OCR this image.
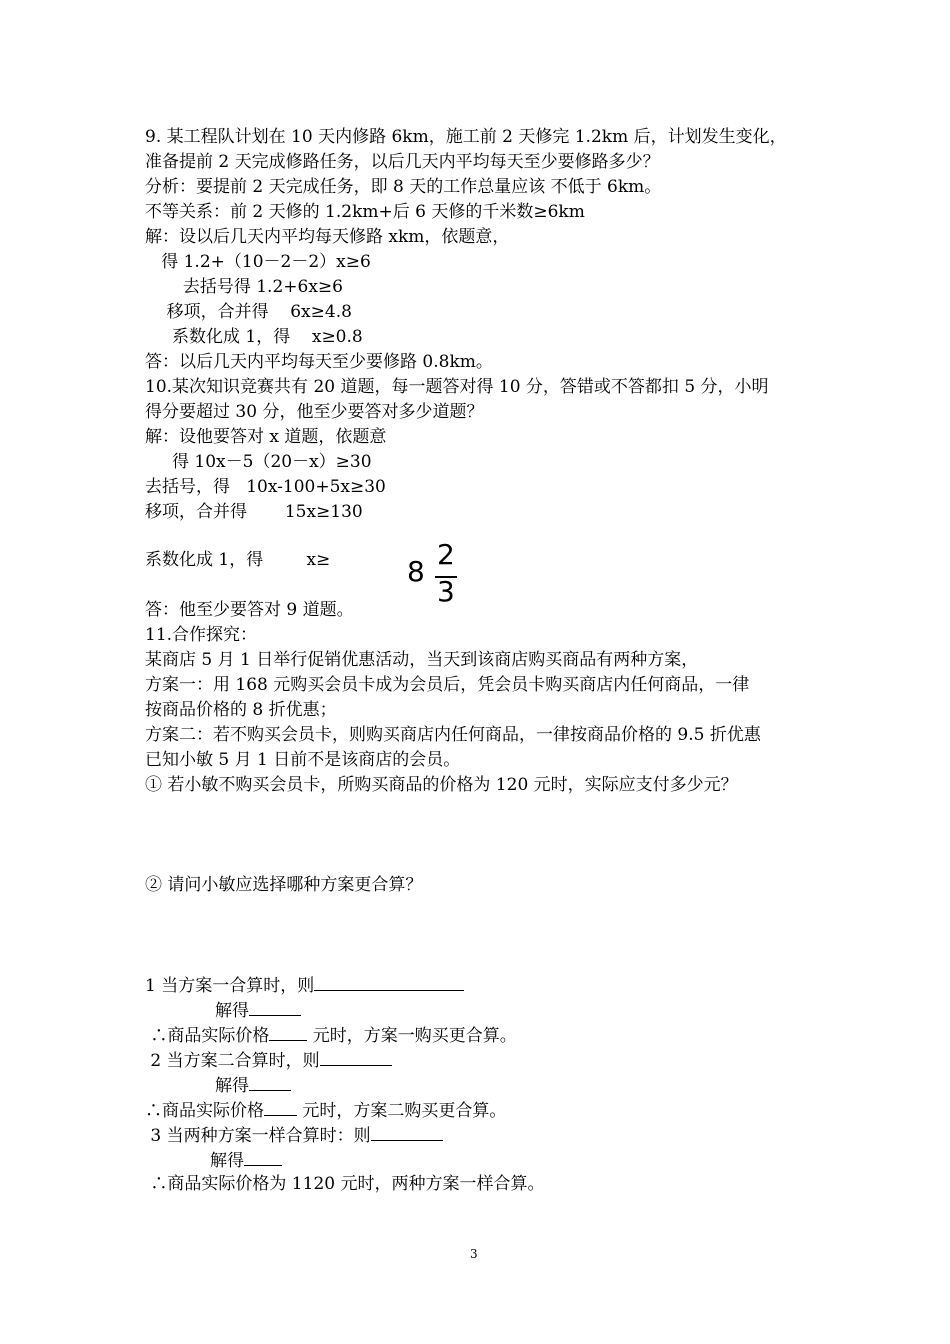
9. 某工程队计划在 10 天内修路 6km，施工前 2 天修完 1.2km 后，计划发生变化，
准备提前 2 天完成修路任务，以后几天内平均每天至少要修路多少？
分析：要提前 2 天完成任务，即 8 天的工作总量应该 不低于 6km。
不等关系：前 2 天修的 1.2km+后 6 天修的千米数≥6km
解：设以后几天内平均每天修路 xkm，依题意，
得 1.2+（10－2－2）x≥6
去括号得 1.2+6x≥6
移项，合并得    6x≥4.8
系数化成 1，得    x≥0.8
答：以后几天内平均每天至少要修路 0.8km。
10.某次知识竞赛共有 20 道题，每一题答对得 10 分，答错或不答都扣 5 分，小明
得分要超过 30 分，他至少要答对多少道题？
解：设他要答对 x 道题，依题意
得 10x－5（20－x）≥30
去括号，得   10x-100+5x≥30
移项，合并得       15x≥130
系数化成 1，得        x≥	8
2
3
答：他至少要答对 9 道题。
11.合作探究：
某商店 5 月 1 日举行促销优惠活动，当天到该商店购买商品有两种方案，
方案一：用 168 元购买会员卡成为会员后，凭会员卡购买商店内任何商品，一律
按商品价格的 8 折优惠；
方案二：若不购买会员卡，则购买商店内任何商品，一律按商品价格的 9.5 折优惠
已知小敏 5 月 1 日前不是该商店的会员。
① 若小敏不购买会员卡，所购买商品的价格为 120 元时，实际应支付多少元？
② 请问小敏应选择哪种方案更合算？
1 当方案一合算时，则
解得
∴商品实际价格 元时，方案一购买更合算。
2 当方案二合算时，则
解得
∴商品实际价格 元时，方案二购买更合算。
3 当两种方案一样合算时：则
解得
∴商品实际价格为 1120 元时，两种方案一样合算。
3
